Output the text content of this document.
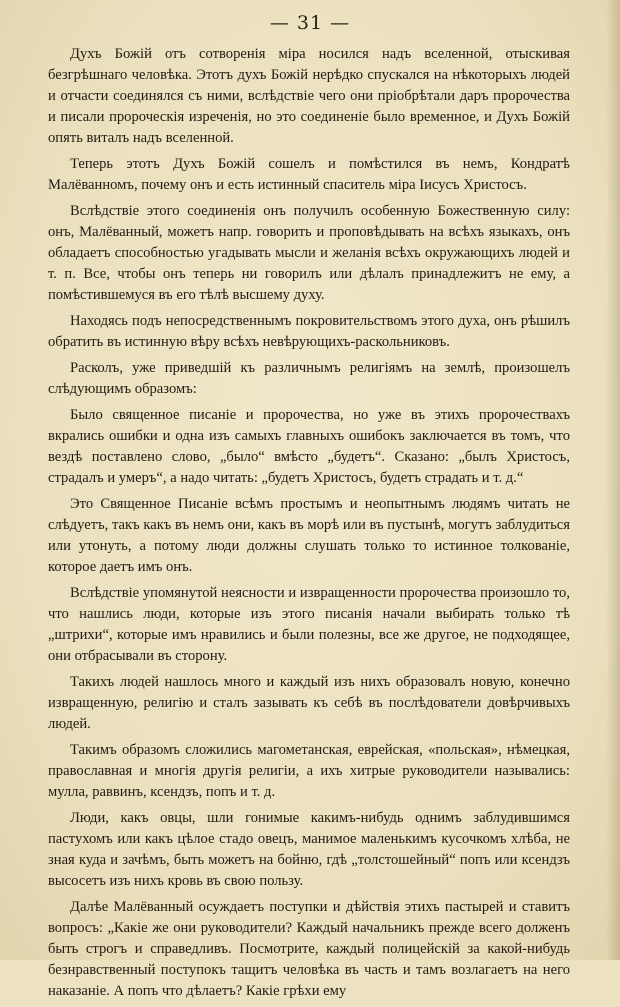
— 31 —

Духъ Божій отъ сотворенія міра носился надъ вселенной, отыскивая безгрѣшнаго человѣка. Этотъ духъ Божій нерѣдко спускался на нѣкоторыхъ людей и отчасти соединялся съ ними, вслѣдствіе чего они пріобрѣтали даръ пророчества и писали пророческія изреченія, но это соединеніе было временное, и Духъ Божій опять виталъ надъ вселенной.

Теперь этотъ Духъ Божій сошелъ и помѣстился въ немъ, Кондратѣ Малёванномъ, почему онъ и есть истинный спаситель міра Іисусъ Христосъ.

Вслѣдствіе этого соединенія онъ получилъ особенную Божественную силу: онъ, Малёванный, можетъ напр. говорить и проповѣдывать на всѣхъ языкахъ, онъ обладаетъ способностью угадывать мысли и желанія всѣхъ окружающихъ людей и т. п. Все, чтобы онъ теперь ни говорилъ или дѣлалъ принадлежитъ не ему, а помѣстившемуся въ его тѣлѣ высшему духу.

Находясь подъ непосредственнымъ покровительствомъ этого духа, онъ рѣшилъ обратить въ истинную вѣру всѣхъ невѣрующихъ-раскольниковъ.

Расколъ, уже приведшій къ различнымъ религіямъ на землѣ, произошелъ слѣдующимъ образомъ:

Было священное писаніе и пророчества, но уже въ этихъ пророчествахъ вкрались ошибки и одна изъ самыхъ главныхъ ошибокъ заключается въ томъ, что вездѣ поставлено слово, „было“ вмѣсто „будетъ“. Сказано: „былъ Христосъ, страдалъ и умеръ“, а надо читать: „будетъ Христосъ, будетъ страдать и т. д.“

Это Священное Писаніе всѣмъ простымъ и неопытнымъ людямъ читать не слѣдуетъ, такъ какъ въ немъ они, какъ въ морѣ или въ пустынѣ, могутъ заблудиться или утонуть, а потому люди должны слушать только то истинное толкованіе, которое даетъ имъ онъ.

Вслѣдствіе упомянутой неясности и извращенности пророчества произошло то, что нашлись люди, которые изъ этого писанія начали выбирать только тѣ „штрихи“, которые имъ нравились и были полезны, все же другое, не подходящее, они отбрасывали въ сторону.

Такихъ людей нашлось много и каждый изъ нихъ образовалъ новую, конечно извращенную, религію и сталъ зазывать къ себѣ въ послѣдователи довѣрчивыхъ людей.

Такимъ образомъ сложились магометанская, еврейская, «польская», нѣмецкая, православная и многія другія религіи, а ихъ хитрые руководители назывались: мулла, раввинъ, ксендзъ, попъ и т. д.

Люди, какъ овцы, шли гонимые какимъ-нибудь однимъ заблудившимся пастухомъ или какъ цѣлое стадо овецъ, манимое маленькимъ кусочкомъ хлѣба, не зная куда и зачѣмъ, быть можетъ на бойню, гдѣ „толстошейный“ попъ или ксендзъ высосетъ изъ нихъ кровь въ свою пользу.

Далѣе Малёванный осуждаетъ поступки и дѣйствія этихъ пастырей и ставитъ вопросъ: „Какіе же они руководители? Каждый начальникъ прежде всего долженъ быть строгъ и справедливъ. Посмотрите, каждый полицейскій за какой-нибудь безнравственный поступокъ тащитъ человѣка въ часть и тамъ возлагаетъ на него наказаніе. А попъ что дѣлаетъ? Какіе грѣхи ему
